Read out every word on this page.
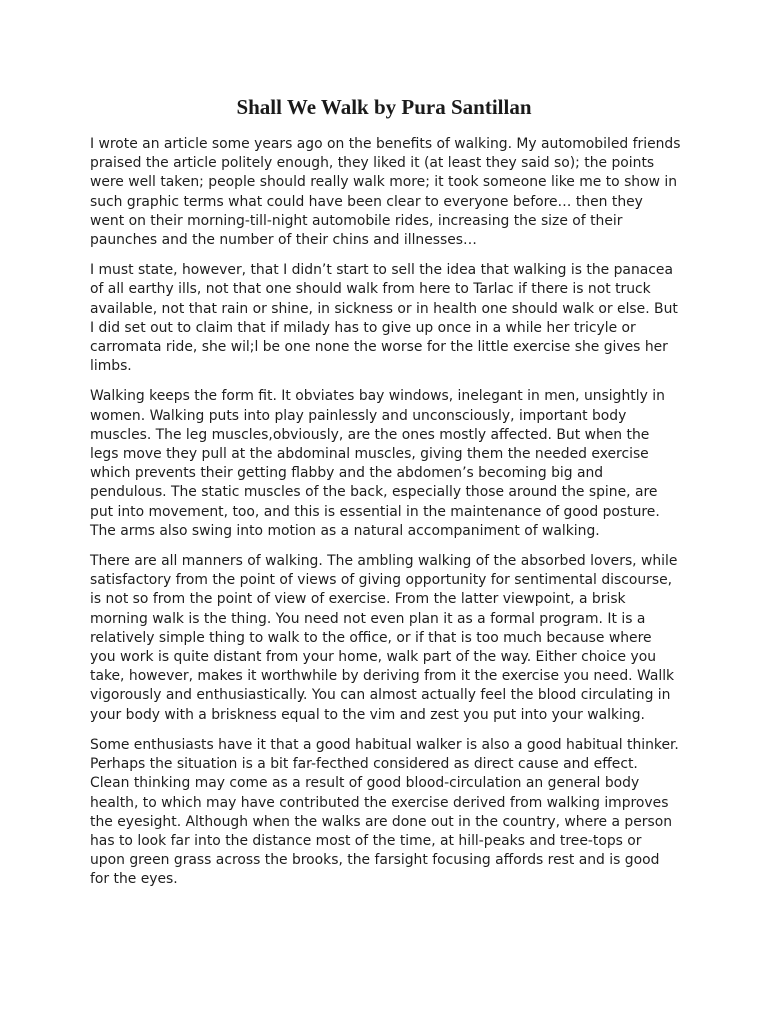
Shall We Walk by Pura Santillan

I wrote an article some years ago on the benefits of walking. My automobiled friends
praised the article politely enough, they liked it (at least they said so); the points
were well taken; people should really walk more; it took someone like me to show in
such graphic terms what could have been clear to everyone before… then they
went on their morning-till-night automobile rides, increasing the size of their
paunches and the number of their chins and illnesses…

I must state, however, that I didn’t start to sell the idea that walking is the panacea
of all earthy ills, not that one should walk from here to Tarlac if there is not truck
available, not that rain or shine, in sickness or in health one should walk or else. But
I did set out to claim that if milady has to give up once in a while her tricyle or
carromata ride, she wil;l be one none the worse for the little exercise she gives her
limbs.

Walking keeps the form fit. It obviates bay windows, inelegant in men, unsightly in
women. Walking puts into play painlessly and unconsciously, important body
muscles. The leg muscles,obviously, are the ones mostly affected. But when the
legs move they pull at the abdominal muscles, giving them the needed exercise
which prevents their getting flabby and the abdomen’s becoming big and
pendulous. The static muscles of the back, especially those around the spine, are
put into movement, too, and this is essential in the maintenance of good posture.
The arms also swing into motion as a natural accompaniment of walking.

There are all manners of walking. The ambling walking of the absorbed lovers, while
satisfactory from the point of views of giving opportunity for sentimental discourse,
is not so from the point of view of exercise. From the latter viewpoint, a brisk
morning walk is the thing. You need not even plan it as a formal program. It is a
relatively simple thing to walk to the office, or if that is too much because where
you work is quite distant from your home, walk part of the way. Either choice you
take, however, makes it worthwhile by deriving from it the exercise you need. Wallk
vigorously and enthusiastically. You can almost actually feel the blood circulating in
your body with a briskness equal to the vim and zest you put into your walking.

Some enthusiasts have it that a good habitual walker is also a good habitual thinker.
Perhaps the situation is a bit far-fecthed considered as direct cause and effect.
Clean thinking may come as a result of good blood-circulation an general body
health, to which may have contributed the exercise derived from walking improves
the eyesight. Although when the walks are done out in the country, where a person
has to look far into the distance most of the time, at hill-peaks and tree-tops or
upon green grass across the brooks, the farsight focusing affords rest and is good
for the eyes.
